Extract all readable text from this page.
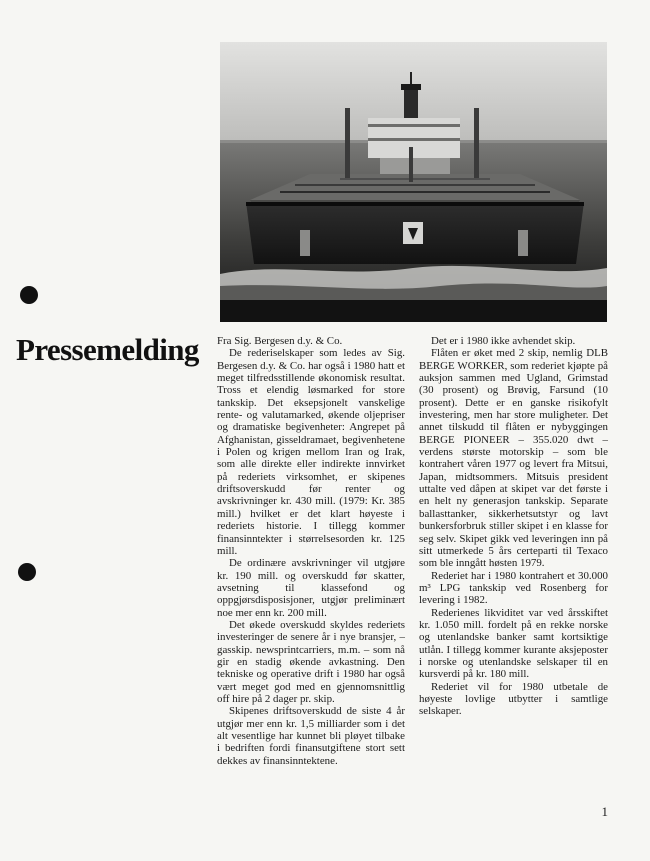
Pressemelding Fra Sig. Bergesen d.y. & Co.

De rederiselskaper som ledes av Sig. Bergesen d.y. & Co. har også i 1980 hatt et meget tilfredsstillende økonomisk resultat. Tross et elendig løsmarked for store tankskip. Det eksepsjonelt vanskelige rente- og valutamarked, økende oljepriser og dramatiske begivenheter: Angrepet på Afghanistan, gisseldramaet, begivenhetene i Polen og krigen mellom Iran og Irak, som alle direkte eller indirekte innvirket på rederiets virksomhet, er skipenes driftsoverskudd før renter og avskrivninger kr. 430 mill. (1979: Kr. 385 mill.) hvilket er det klart høyeste i rederiets historie. I tillegg kommer finansinntekter i størrelsesorden kr. 125 mill.

De ordinære avskrivninger vil utgjøre kr. 190 mill. og overskudd før skatter, avsetning til klassefond og oppgjørsdisposisjoner, utgjør preliminært noe mer enn kr. 200 mill.

Det økede overskudd skyldes rederiets investeringer de senere år i nye bransjer, – gasskip. newsprintcarriers, m.m. – som nå gir en stadig økende avkastning. Den tekniske og operative drift i 1980 har også vært meget god med en gjennomsnittlig off hire på 2 dager pr. skip.

Skipenes driftsoverskudd de siste 4 år utgjør mer enn kr. 1,5 milliarder som i det alt vesentlige har kunnet bli pløyet tilbake i bedriften fordi finansutgiftene stort sett dekkes av finansinntektene.

Det er i 1980 ikke avhendet skip.

Flåten er øket med 2 skip, nemlig DLB BERGE WORKER, som rederiet kjøpte på auksjon sammen med Ugland, Grimstad (30 prosent) og Brøvig, Farsund (10 prosent). Dette er en ganske risikofylt investering, men har store muligheter. Det annet tilskudd til flåten er nybyggingen BERGE PIONEER – 355.020 dwt – verdens største motorskip – som ble kontrahert våren 1977 og levert fra Mitsui, Japan, midtsommers. Mitsuis president uttalte ved dåpen at skipet var det første i en helt ny generasjon tankskip. Separate ballasttanker, sikkerhetsutstyr og lavt bunkersforbruk stiller skipet i en klasse for seg selv. Skipet gikk ved leveringen inn på sitt utmerkede 5 års certeparti til Texaco som ble inngått høsten 1979.

Rederiet har i 1980 kontrahert et 30.000 m³ LPG tankskip ved Rosenberg for levering i 1982.

Rederienes likviditet var ved årsskiftet kr. 1.050 mill. fordelt på en rekke norske og utenlandske banker samt kortsiktige utlån. I tillegg kommer kurante aksjeposter i norske og utenlandske selskaper til en kursverdi på kr. 180 mill.

Rederiet vil for 1980 utbetale de høyeste lovlige utbytter i samtlige selskaper.

1
